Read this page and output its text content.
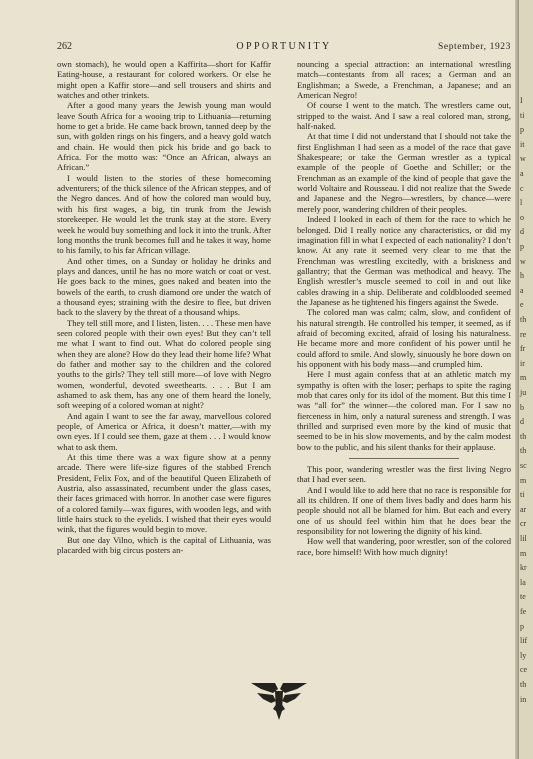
262	OPPORTUNITY	September, 1923

own stomach), he would open a Kaffirita—short for Kaffir Eating-house, a restaurant for colored workers. Or else he might open a Kaffir store—and sell trousers and shirts and watches and other trinkets.

After a good many years the Jewish young man would leave South Africa for a wooing trip to Lithuania—returning home to get a bride. He came back brown, tanned deep by the sun, with golden rings on his fingers, and a heavy gold watch and chain. He would then pick his bride and go back to Africa. For the motto was: “Once an African, always an African.”

I would listen to the stories of these homecoming adventurers; of the thick silence of the African steppes, and of the Negro dances. And of how the colored man would buy, with his first wages, a big, tin trunk from the Jewish storekeeper. He would let the trunk stay at the store. Every week he would buy something and lock it into the trunk. After long months the trunk becomes full and he takes it way, home to his family, to his far African village.

And other times, on a Sunday or holiday he drinks and plays and dances, until he has no more watch or coat or vest. He goes back to the mines, goes naked and beaten into the bowels of the earth, to crush diamond ore under the watch of a thousand eyes; straining with the desire to flee, but driven back to the slavery by the threat of a thousand whips.

They tell still more, and I listen, listen. . . . These men have seen colored people with their own eyes! But they can’t tell me what I want to find out. What do colored people sing when they are alone? How do they lead their home life? What do father and mother say to the children and the colored youths to the girls? They tell still more—of love with Negro women, wonderful, devoted sweethearts. . . . But I am ashamed to ask them, has any one of them heard the lonely, soft weeping of a colored woman at night?

And again I want to see the far away, marvellous colored people, of America or Africa, it doesn’t matter,—with my own eyes. If I could see them, gaze at them . . . I would know what to ask them.

At this time there was a wax figure show at a penny arcade. There were life-size figures of the stabbed French President, Felix Fox, and of the beautiful Queen Elizabeth of Austria, also assassinated, recumbent under the glass cases, their faces grimaced with horror. In another case were figures of a colored family—wax figures, with wooden legs, and with little hairs stuck to the eyelids. I wished that their eyes would wink, that the figures would begin to move.

But one day Vilno, which is the capital of Lithuania, was placarded with big circus posters an-

nouncing a special attraction: an international wrestling match—contestants from all races; a German and an Englishman; a Swede, a Frenchman, a Japanese; and an American Negro!

Of course I went to the match. The wrestlers came out, stripped to the waist. And I saw a real colored man, strong, half-naked.

At that time I did not understand that I should not take the first Englishman I had seen as a model of the race that gave Shakespeare; or take the German wrestler as a typical example of the people of Goethe and Schiller; or the Frenchman as an example of the kind of people that gave the world Voltaire and Rousseau. I did not realize that the Swede and Japanese and the Negro—wrestlers, by chance—were merely poor, wandering children of their peoples.

Indeed I looked in each of them for the race to which he belonged. Did I really notice any characteristics, or did my imagination fill in what I expected of each nationality? I don’t know. At any rate it seemed very clear to me that the Frenchman was wrestling excitedly, with a briskness and gallantry; that the German was methodical and heavy. The English wrestler’s muscle seemed to coil in and out like cables drawing in a ship. Deliberate and coldblooded seemed the Japanese as he tightened his fingers against the Swede.

The colored man was calm; calm, slow, and confident of his natural strength. He controlled his temper, it seemed, as if afraid of becoming excited, afraid of losing his naturalness. He became more and more confident of his power until he could afford to smile. And slowly, sinuously he bore down on his opponent with his body mass—and crumpled him.

Here I must again confess that at an athletic match my sympathy is often with the loser; perhaps to spite the raging mob that cares only for its idol of the moment. But this time I was “all for” the winner—the colored man. For I saw no fierceness in him, only a natural sureness and strength. I was thrilled and surprised even more by the kind of music that seemed to be in his slow movements, and by the calm modest bow to the public, and his silent thanks for their applause.

This poor, wandering wrestler was the first living Negro that I had ever seen.

And I would like to add here that no race is responsible for all its children. If one of them lives badly and does harm his people should not all be blamed for him. But each and every one of us should feel within him that he does bear the responsibility for not lowering the dignity of his kind.

How well that wandering, poor wrestler, son of the colored race, bore himself! With how much dignity!

I
ti
p
it
w
a
c
l
o
d
p
w
h
a
e
th
re
fr
ir
m
ju
b
d
th
th
sc
m
ti
ar
cr
lil
m
kr
la
te
fe
p
lif
ly
ce
th
in
